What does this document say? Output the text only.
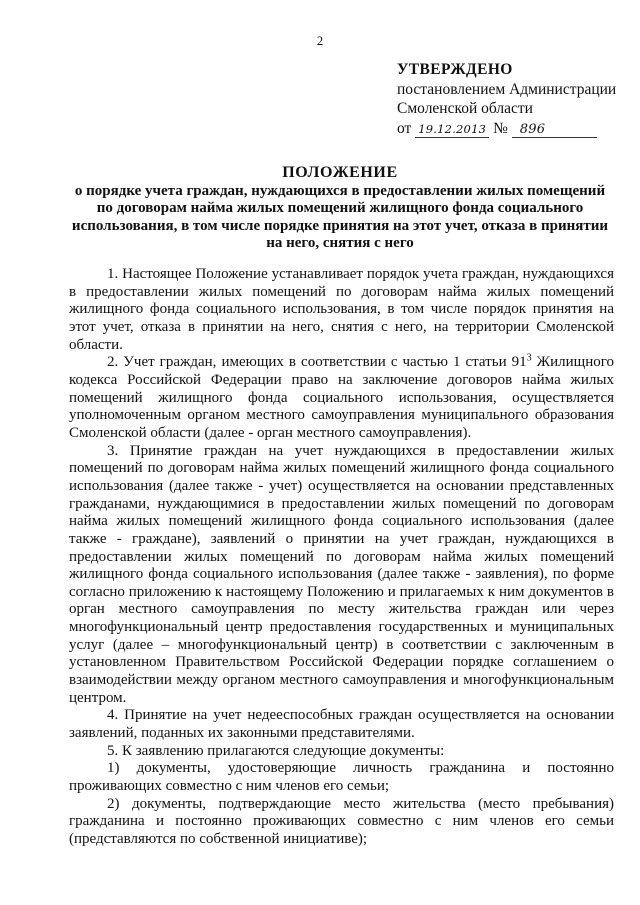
2
УТВЕРЖДЕНО
постановлением Администрации
Смоленской области
от 19.12.2013 № 896
ПОЛОЖЕНИЕ
о порядке учета граждан, нуждающихся в предоставлении жилых помещений по договорам найма жилых помещений жилищного фонда социального использования, в том числе порядке принятия на этот учет, отказа в принятии на него, снятия с него

1. Настоящее Положение устанавливает порядок учета граждан, нуждающихся в предоставлении жилых помещений по договорам найма жилых помещений жилищного фонда социального использования, в том числе порядок принятия на этот учет, отказа в принятии на него, снятия с него, на территории Смоленской области.

2. Учет граждан, имеющих в соответствии с частью 1 статьи $91^3$ Жилищного кодекса Российской Федерации право на заключение договоров найма жилых помещений жилищного фонда социального использования, осуществляется уполномоченным органом местного самоуправления муниципального образования Смоленской области (далее - орган местного самоуправления).

3. Принятие граждан на учет нуждающихся в предоставлении жилых помещений по договорам найма жилых помещений жилищного фонда социального использования (далее также - учет) осуществляется на основании представленных гражданами, нуждающимися в предоставлении жилых помещений по договорам найма жилых помещений жилищного фонда социального использования (далее также - граждане), заявлений о принятии на учет граждан, нуждающихся в предоставлении жилых помещений по договорам найма жилых помещений жилищного фонда социального использования (далее также - заявления), по форме согласно приложению к настоящему Положению и прилагаемых к ним документов в орган местного самоуправления по месту жительства граждан или через многофункциональный центр предоставления государственных и муниципальных услуг (далее – многофункциональный центр) в соответствии с заключенным в установленном Правительством Российской Федерации порядке соглашением о взаимодействии между органом местного самоуправления и многофункциональным центром.

4. Принятие на учет недееспособных граждан осуществляется на основании заявлений, поданных их законными представителями.

5. К заявлению прилагаются следующие документы:

1) документы, удостоверяющие личность гражданина и постоянно проживающих совместно с ним членов его семьи;

2) документы, подтверждающие место жительства (место пребывания) гражданина и постоянно проживающих совместно с ним членов его семьи (представляются по собственной инициативе);
